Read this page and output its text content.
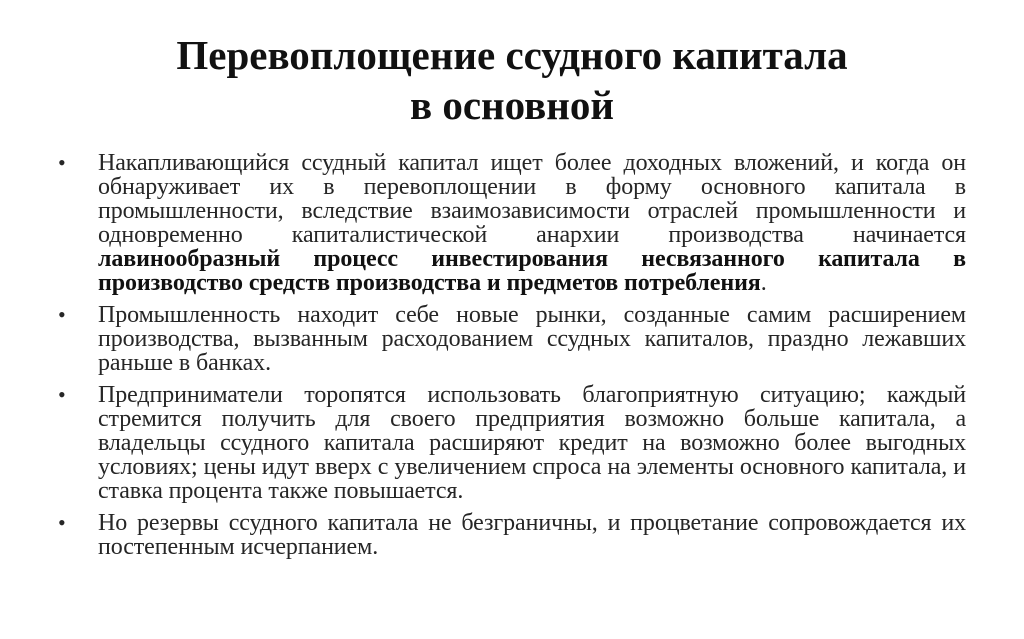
Перевоплощение ссудного капитала
в основной
• Накапливающийся ссудный капитал ищет более доходных вложений, и когда он обнаруживает их в перевоплощении в форму основного капитала в промышленности, вследствие взаимозависимости отраслей промышленности и одновременно капиталистической анархии производства начинается лавинообразный процесс инвестирования несвязанного капитала в производство средств производства и предметов потребления.
• Промышленность находит себе новые рынки, созданные самим расширением производства, вызванным расходованием ссудных капиталов, праздно лежавших раньше в банках.
• Предприниматели торопятся использовать благоприятную ситуацию; каждый стремится получить для своего предприятия возможно больше капитала, а владельцы ссудного капитала расширяют кредит на возможно более выгодных условиях; цены идут вверх с увеличением спроса на элементы основного капитала, и ставка процента также повышается.
• Но резервы ссудного капитала не безграничны, и процветание сопровождается их постепенным исчерпанием.
